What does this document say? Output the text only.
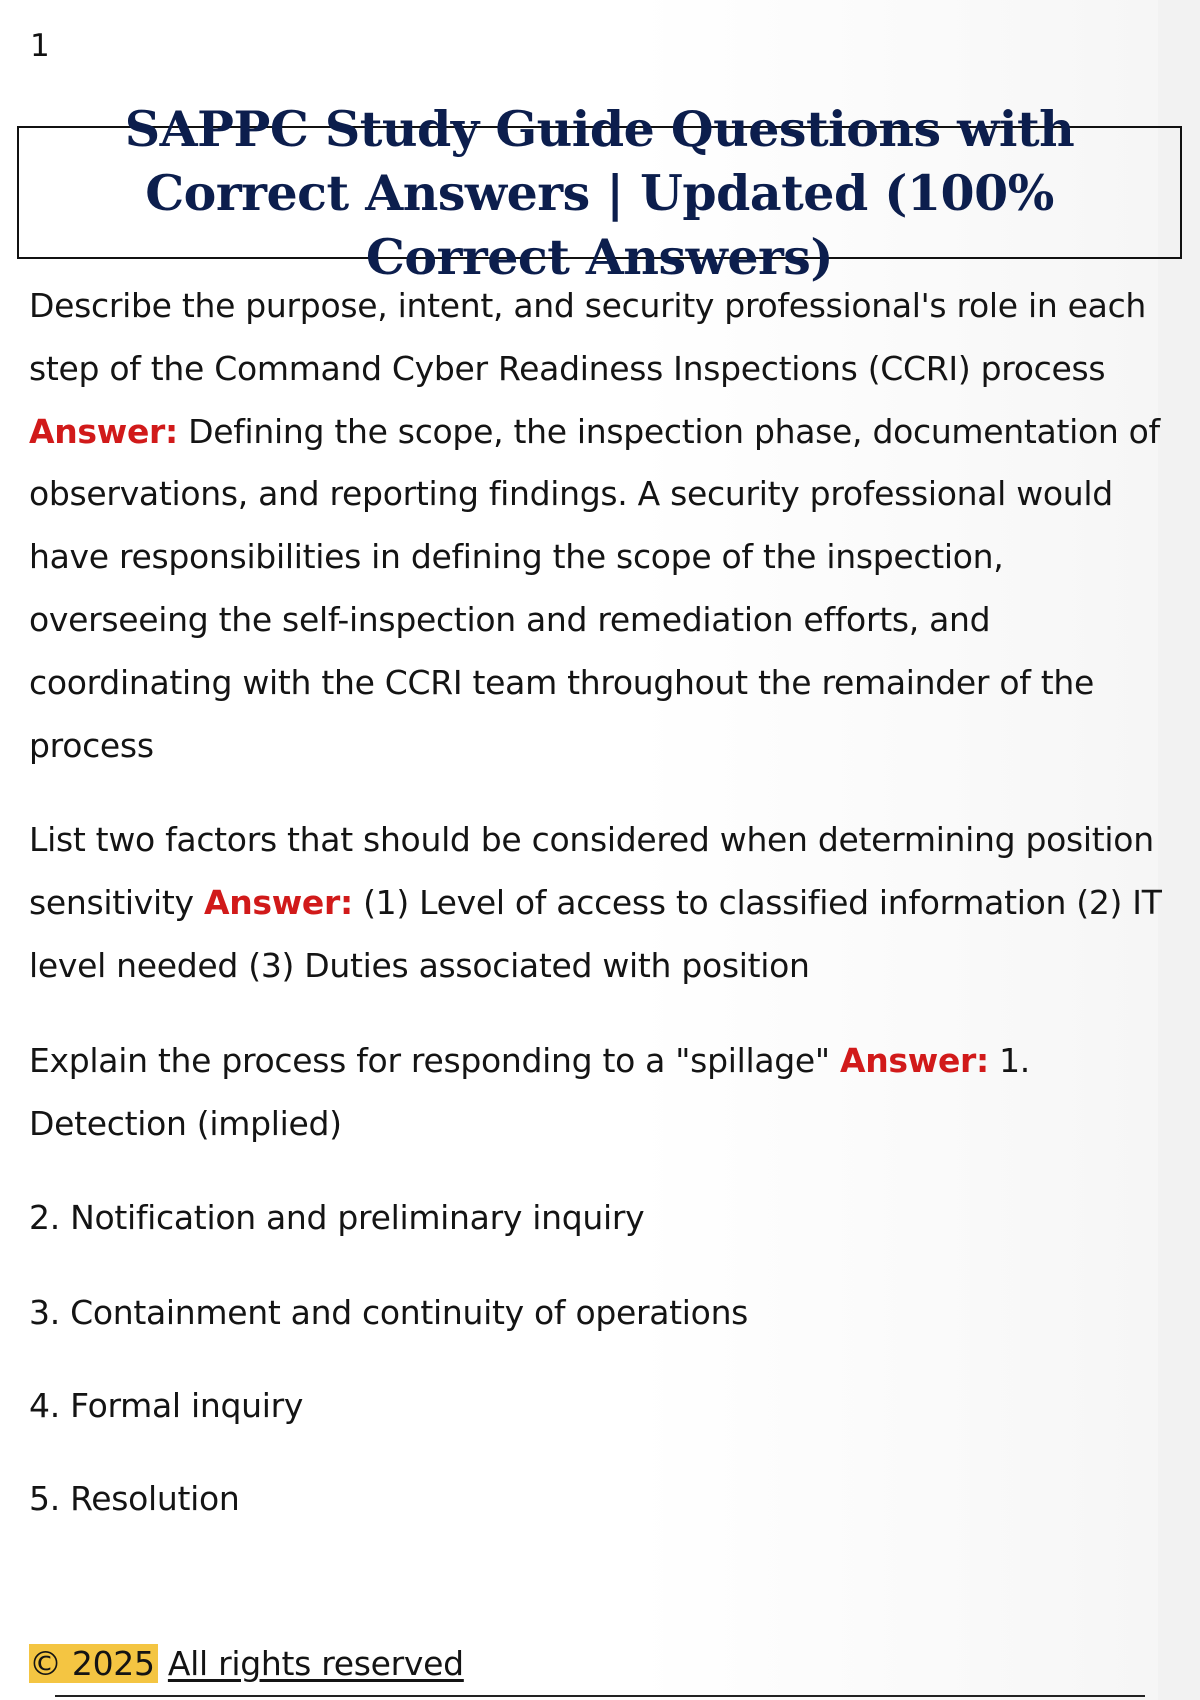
1
SAPPC Study Guide Questions with Correct Answers | Updated (100% Correct Answers)

Describe the purpose, intent, and security professional's role in each step of the Command Cyber Readiness Inspections (CCRI) process Answer: Defining the scope, the inspection phase, documentation of observations, and reporting findings. A security professional would have responsibilities in defining the scope of the inspection, overseeing the self-inspection and remediation efforts, and coordinating with the CCRI team throughout the remainder of the process

List two factors that should be considered when determining position sensitivity Answer: (1) Level of access to classified information (2) IT level needed (3) Duties associated with position

Explain the process for responding to a "spillage" Answer: 1. Detection (implied)

2. Notification and preliminary inquiry

3. Containment and continuity of operations

4. Formal inquiry

5. Resolution

© 2025 All rights reserved
